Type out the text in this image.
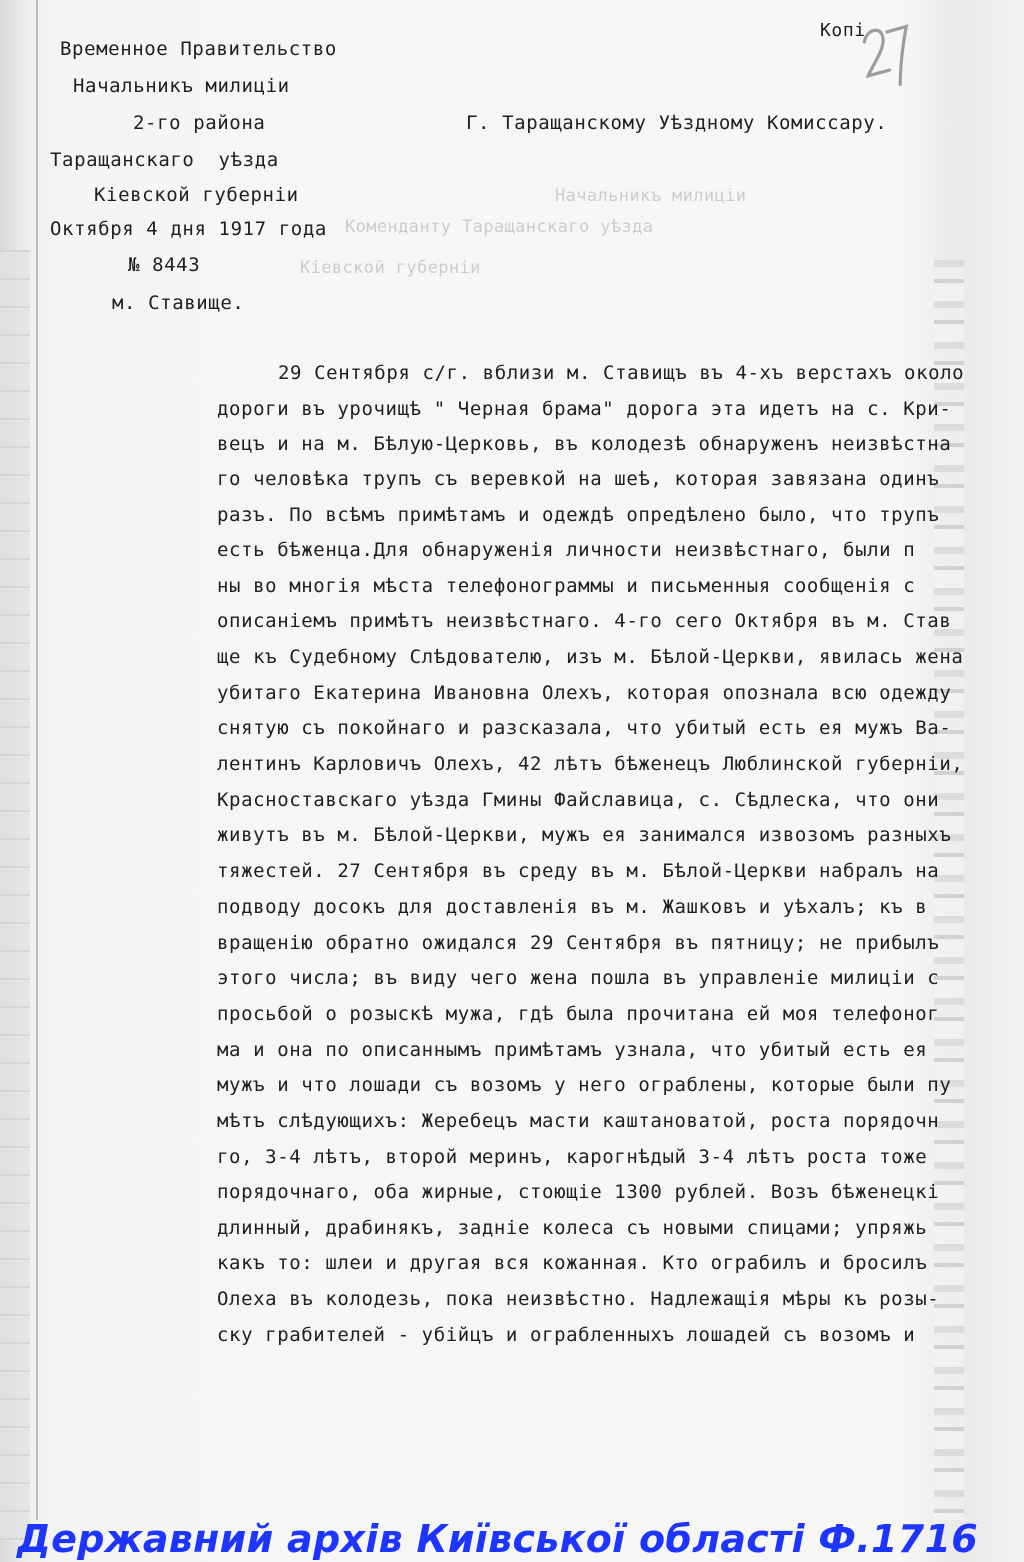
Начальникъ милиціи
Коменданту Таращанскаго уѣзда
Кіевской губерніи
Копі
Временное Правительство
Начальникъ милиціи
2-го района
Таращанскаго  уѣзда
Кіевской губерніи
Октября 4 дня 1917 года
№ 8443
м. Ставище.
Г. Таращанскому Уѣздному Комиссару.
29 Сентября с/г. вблизи м. Ставищъ въ 4-хъ верстахъ около
дороги въ урочищѣ " Черная брама" дорога эта идетъ на с. Кри-
вецъ и на м. Бѣлую-Церковь, въ колодезѣ обнаруженъ неизвѣстна
го человѣка трупъ съ веревкой на шеѣ, которая завязана одинъ
разъ. По всѣмъ примѣтамъ и одеждѣ опредѣлено было, что трупъ
есть бѣженца.Для обнаруженія личности неизвѣстнаго, были п
ны во многія мѣста телефонограммы и письменныя сообщенія с
описаніемъ примѣтъ неизвѣстнаго. 4-го сего Октября въ м. Став
ще къ Судебному Слѣдователю, изъ м. Бѣлой-Церкви, явилась жена
убитаго Екатерина Ивановна Олехъ, которая опознала всю одежду
снятую съ покойнаго и разсказала, что убитый есть ея мужъ Ва-
лентинъ Карловичъ Олехъ, 42 лѣтъ бѣженецъ Люблинской губерніи,
Красноставскаго уѣзда Гмины Файславица, с. Сѣдлеска, что они
живутъ въ м. Бѣлой-Церкви, мужъ ея занимался извозомъ разныхъ
тяжестей. 27 Сентября въ среду въ м. Бѣлой-Церкви набралъ на
подводу досокъ для доставленія въ м. Жашковъ и уѣхалъ; къ в
вращенію обратно ожидался 29 Сентября въ пятницу; не прибылъ
этого числа; въ виду чего жена пошла въ управленіе милиціи с
просьбой о розыскѣ мужа, гдѣ была прочитана ей моя телефоног
ма и она по описаннымъ примѣтамъ узнала, что убитый есть ея
мужъ и что лошади съ возомъ у него ограблены, которые были пу
мѣтъ слѣдующихъ: Жеребецъ масти каштановатой, роста порядочн
го, 3-4 лѣтъ, второй меринъ, карогнѣдый 3-4 лѣтъ роста тоже
порядочнаго, оба жирные, стоющіе 1300 рублей. Возъ бѣженецкі
длинный, драбинякъ, задніе колеса съ новыми спицами; упряжь
какъ то: шлеи и другая вся кожанная. Кто ограбилъ и бросилъ
Олеха въ колодезь, пока неизвѣстно. Надлежащія мѣры къ розы-
ску грабителей - убійцъ и ограбленныхъ лошадей съ возомъ и
Державний архів Київської області Ф.1716
